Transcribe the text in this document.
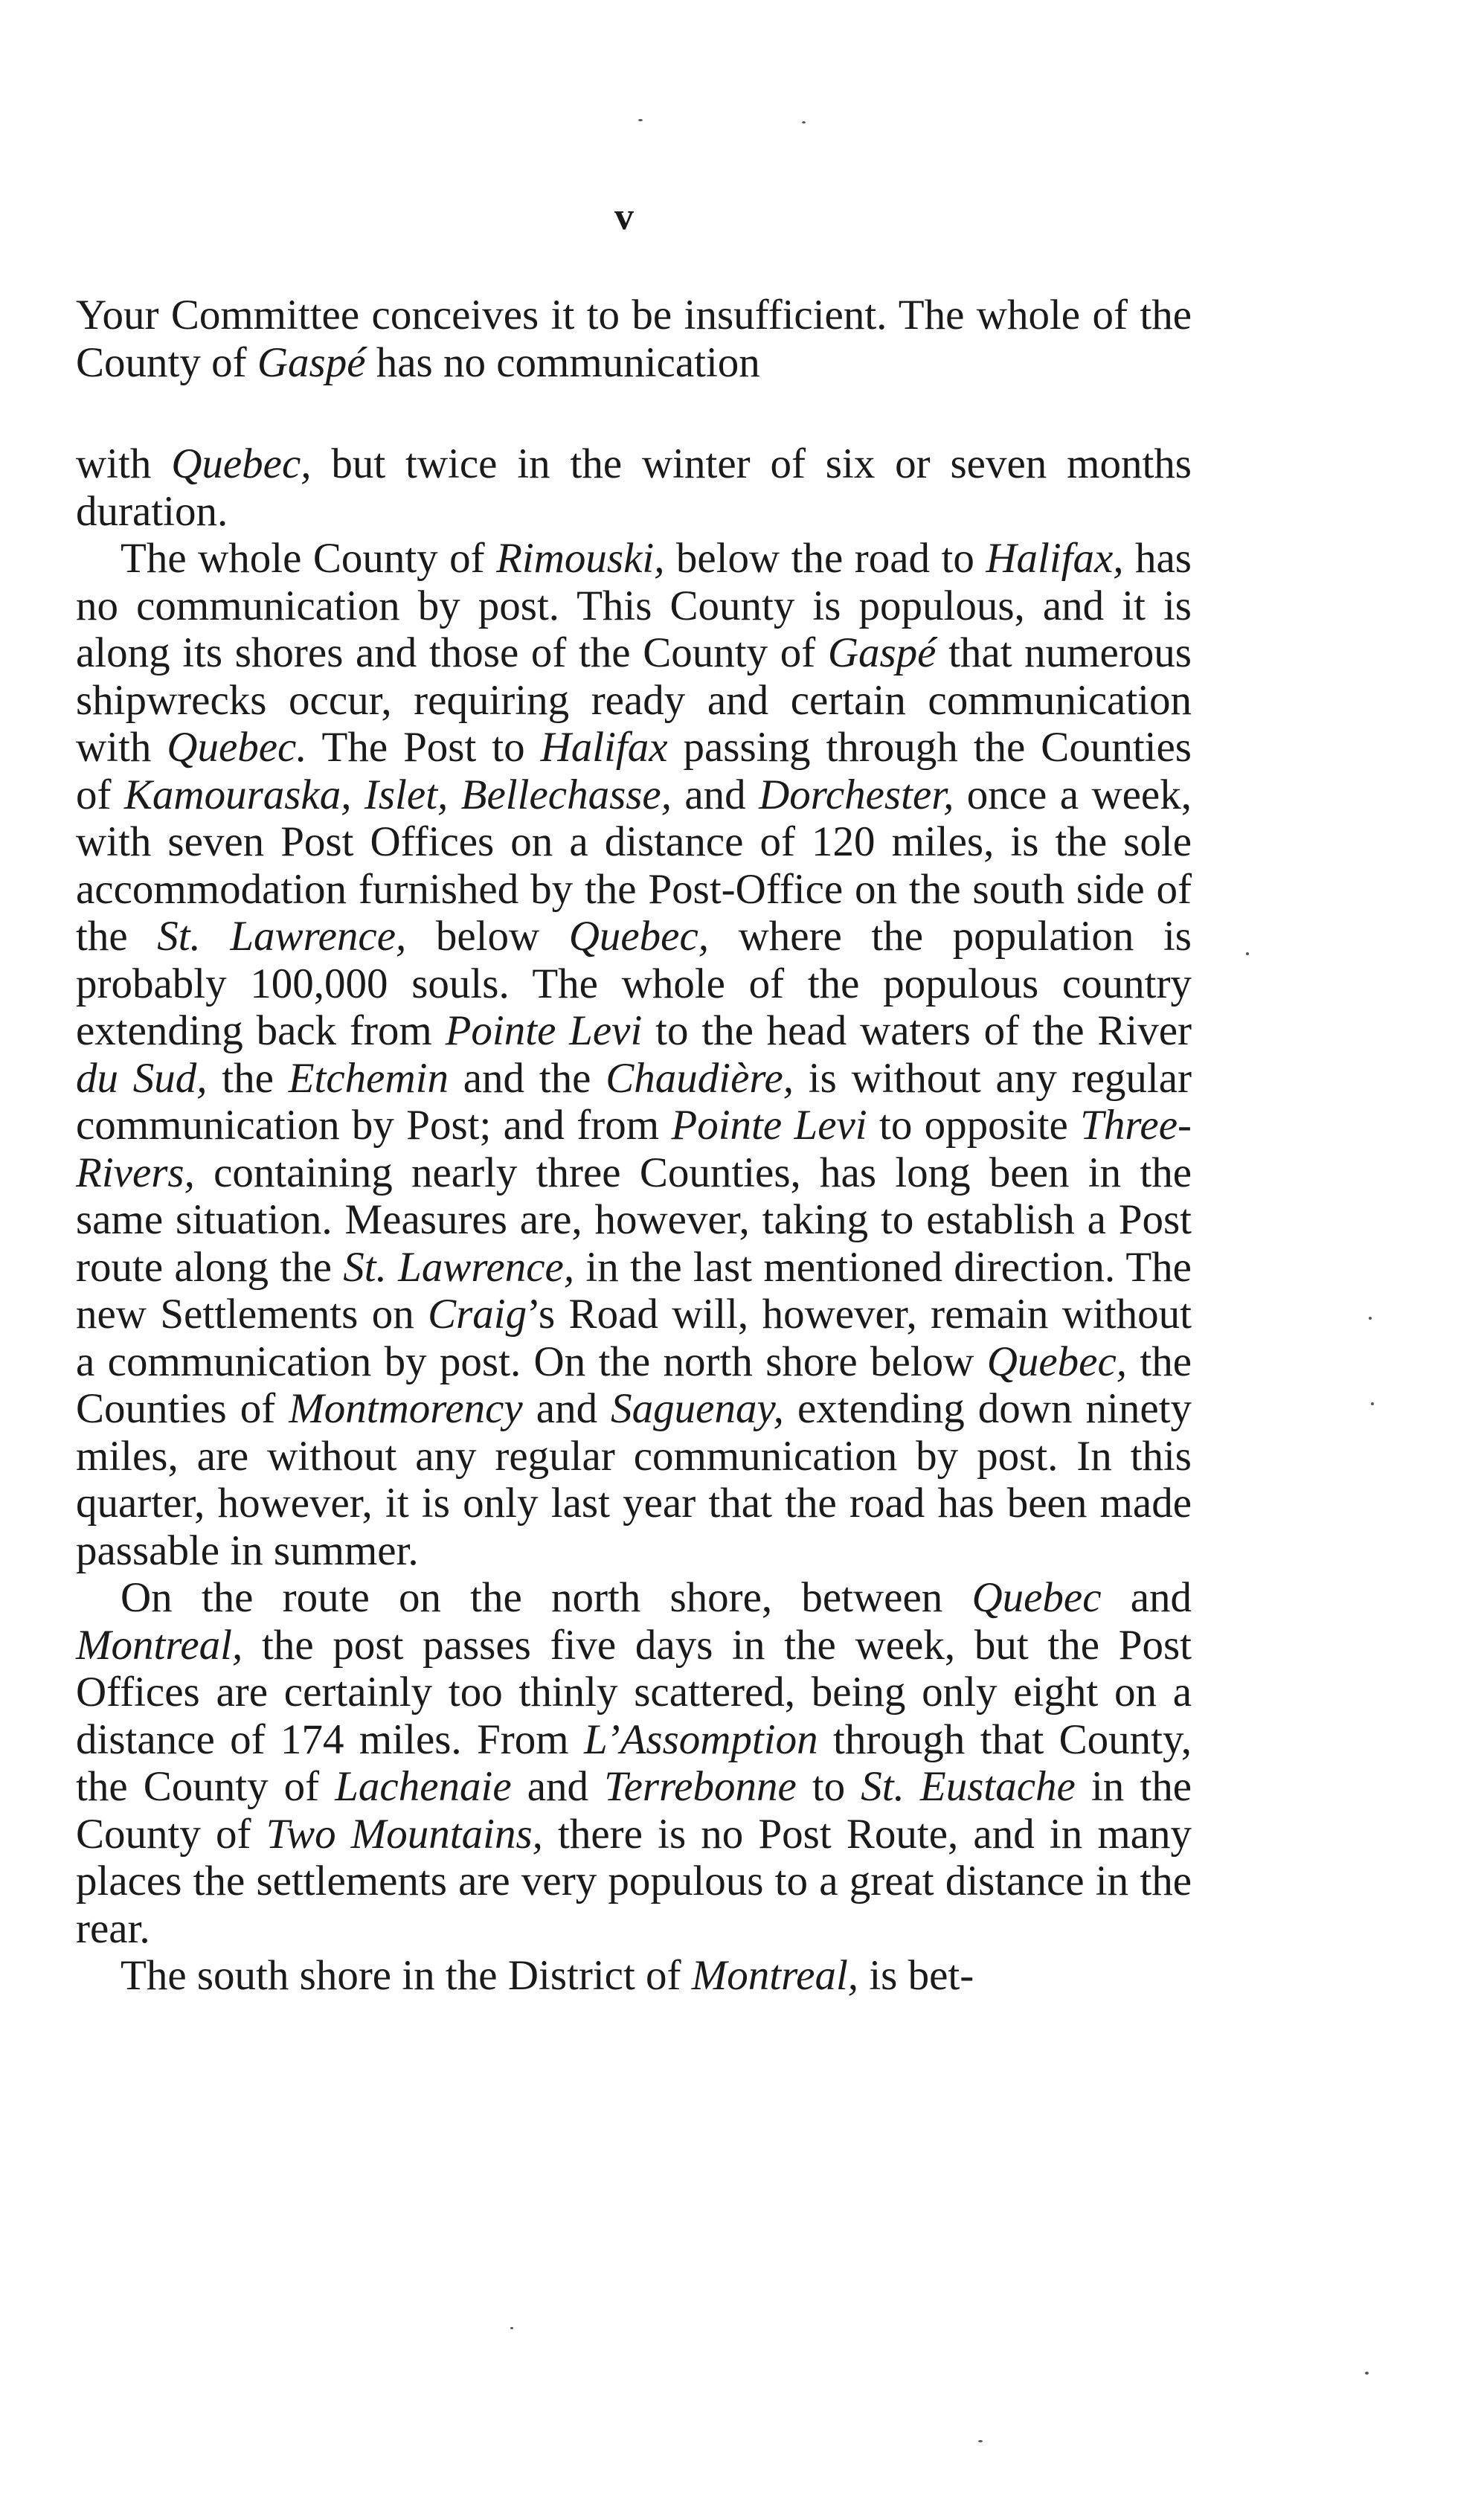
v

Your Committee conceives it to be insufficient. The whole of the County of Gaspé has no communication

with Quebec, but twice in the winter of six or seven months duration.

The whole County of Rimouski, below the road to Halifax, has no communication by post. This County is populous, and it is along its shores and those of the County of Gaspé that numerous shipwrecks occur, requiring ready and certain communication with Quebec. The Post to Halifax passing through the Counties of Kamouraska, Islet, Bellechasse, and Dorchester, once a week, with seven Post Offices on a distance of 120 miles, is the sole accommodation furnished by the Post-Office on the south side of the St. Lawrence, below Quebec, where the population is probably 100,000 souls. The whole of the populous country extending back from Pointe Levi to the head waters of the River du Sud, the Etchemin and the Chaudière, is without any regular communication by Post; and from Pointe Levi to opposite Three-Rivers, containing nearly three Counties, has long been in the same situation. Measures are, however, taking to establish a Post route along the St. Lawrence, in the last mentioned direction. The new Settlements on Craig’s Road will, however, remain without a communication by post. On the north shore below Quebec, the Counties of Montmorency and Saguenay, extending down ninety miles, are without any regular communication by post. In this quarter, however, it is only last year that the road has been made passable in summer.

On the route on the north shore, between Quebec and Montreal, the post passes five days in the week, but the Post Offices are certainly too thinly scattered, being only eight on a distance of 174 miles. From L’Assomption through that County, the County of Lachenaie and Terrebonne to St. Eustache in the County of Two Mountains, there is no Post Route, and in many places the settlements are very populous to a great distance in the rear.

The south shore in the District of Montreal, is bet-
